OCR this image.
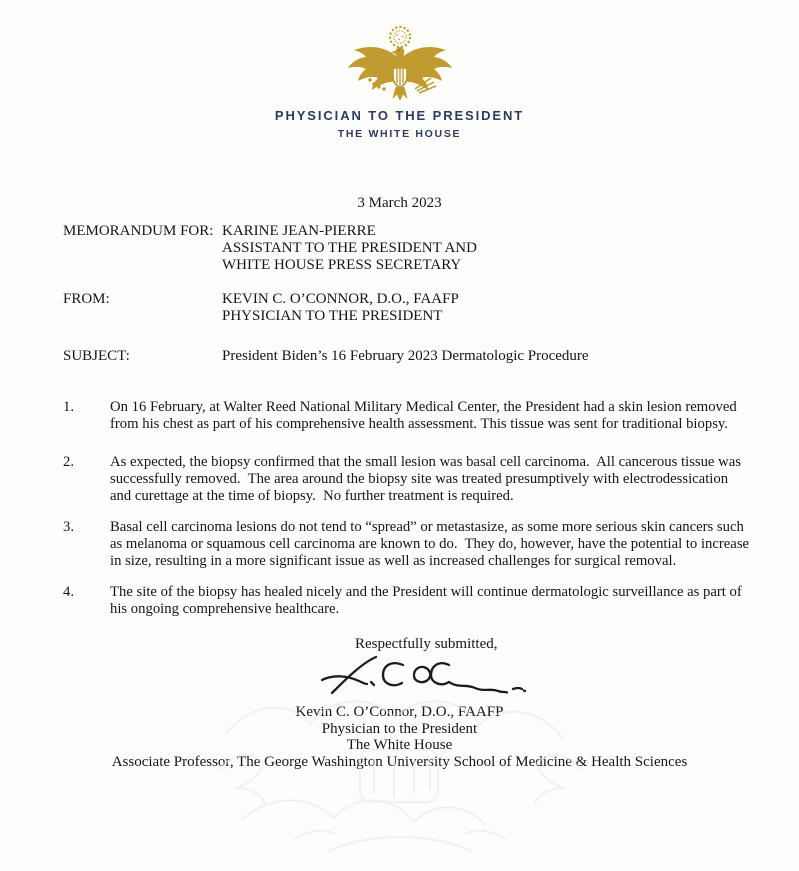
PHYSICIAN TO THE PRESIDENT
THE WHITE HOUSE
3 March 2023
MEMORANDUM FOR: KARINE JEAN-PIERRE
ASSISTANT TO THE PRESIDENT AND
WHITE HOUSE PRESS SECRETARY
FROM:	KEVIN C. O’CONNOR, D.O., FAAFP
PHYSICIAN TO THE PRESIDENT
SUBJECT:	President Biden’s 16 February 2023 Dermatologic Procedure
1.	On 16 February, at Walter Reed National Military Medical Center, the President had a skin lesion removed from his chest as part of his comprehensive health assessment. This tissue was sent for traditional biopsy.
2.	As expected, the biopsy confirmed that the small lesion was basal cell carcinoma.  All cancerous tissue was successfully removed.  The area around the biopsy site was treated presumptively with electrodessication and curettage at the time of biopsy.  No further treatment is required.
3.	Basal cell carcinoma lesions do not tend to “spread” or metastasize, as some more serious skin cancers such as melanoma or squamous cell carcinoma are known to do.  They do, however, have the potential to increase in size, resulting in a more significant issue as well as increased challenges for surgical removal.
4.	The site of the biopsy has healed nicely and the President will continue dermatologic surveillance as part of his ongoing comprehensive healthcare.
Respectfully submitted,
Kevin C. O’Connor, D.O., FAAFP
Physician to the President
The White House
Associate Professor, The George Washington University School of Medicine & Health Sciences
